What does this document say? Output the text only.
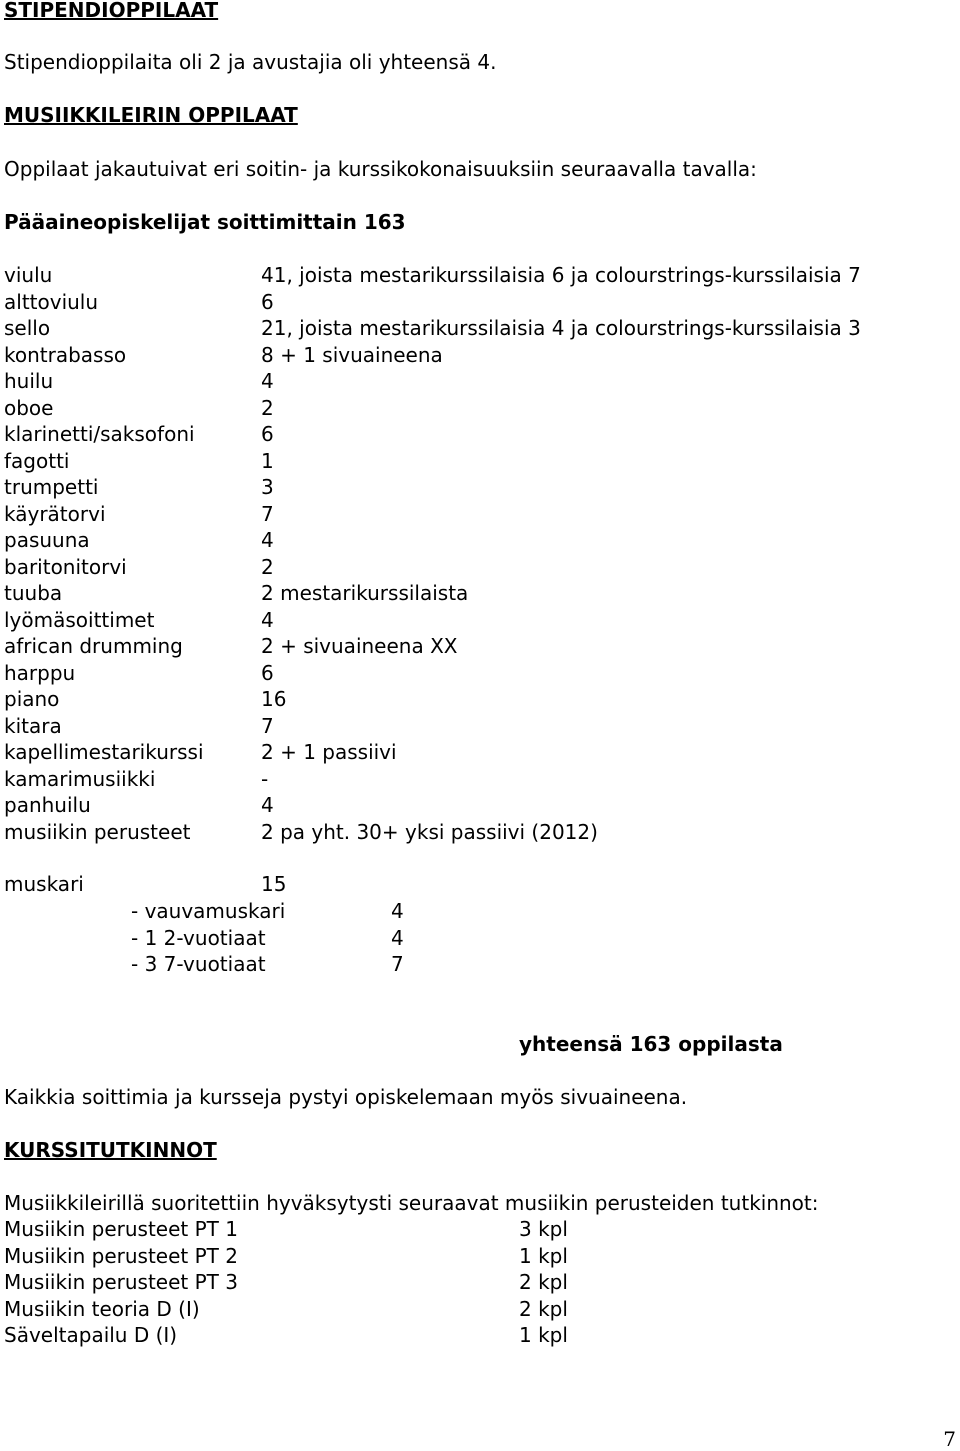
STIPENDIOPPILAAT
Stipendioppilaita oli 2 ja avustajia oli yhteensä 4.
MUSIIKKILEIRIN OPPILAAT
Oppilaat jakautuivat eri soitin- ja kurssikokonaisuuksiin seuraavalla tavalla:
Pääaineopiskelijat soittimittain 163
viulu	41, joista mestarikurssilaisia 6 ja colourstrings-kurssilaisia 7
alttoviulu	6
sello	21, joista mestarikurssilaisia 4 ja colourstrings-kurssilaisia 3
kontrabasso	8 + 1 sivuaineena
huilu	4
oboe	2
klarinetti/saksofoni	6
fagotti	1
trumpetti	3
käyrätorvi	7
pasuuna	4
baritonitorvi	2
tuuba	2 mestarikurssilaista
lyömäsoittimet	4
african drumming	2 + sivuaineena XX
harppu	6
piano	16
kitara	7
kapellimestarikurssi	2 + 1 passiivi
kamarimusiikki	-
panhuilu	4
musiikin perusteet	2 pa yht. 30+ yksi passiivi (2012)
muskari	15
- vauvamuskari	4
- 1 2-vuotiaat	4
- 3 7-vuotiaat	7
yhteensä 163 oppilasta
Kaikkia soittimia ja kursseja pystyi opiskelemaan myös sivuaineena.
KURSSITUTKINNOT
Musiikkileirillä suoritettiin hyväksytysti seuraavat musiikin perusteiden tutkinnot:
Musiikin perusteet PT 1	3 kpl
Musiikin perusteet PT 2	1 kpl
Musiikin perusteet PT 3	2 kpl
Musiikin teoria D (I)	2 kpl
Säveltapailu D (I)	1 kpl
7
